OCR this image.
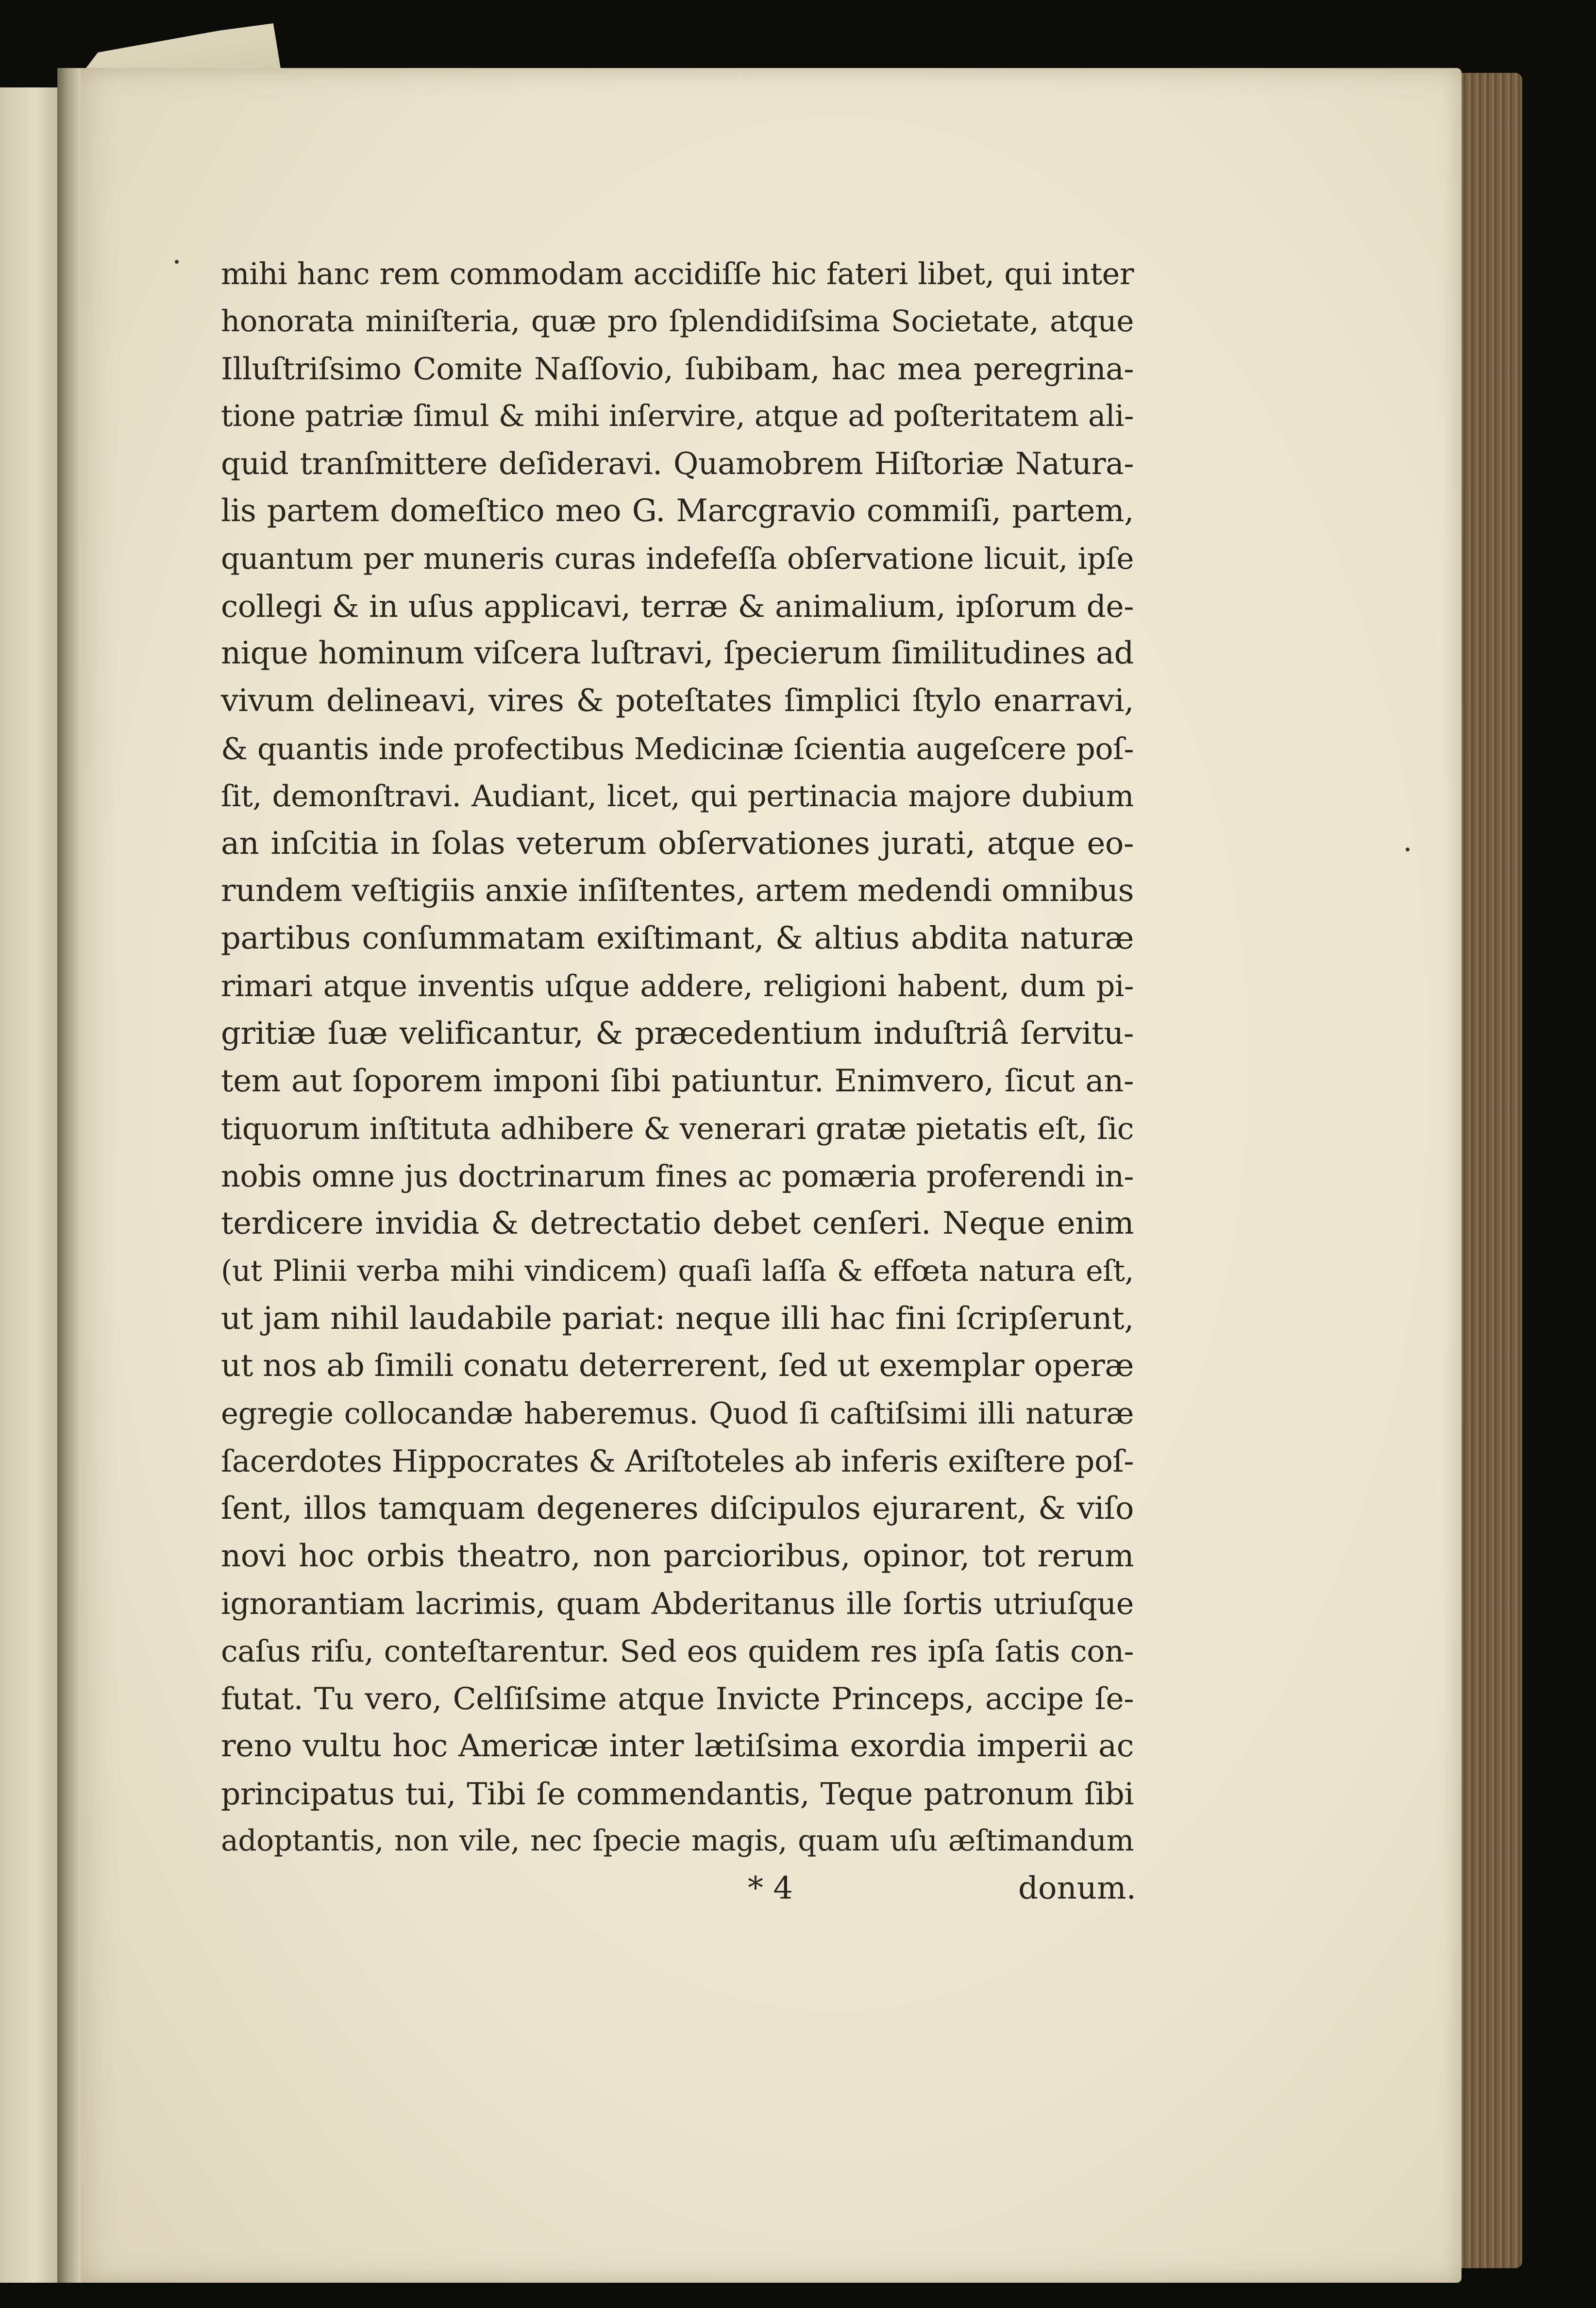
mihi hanc rem commodam accidiſſe hic fateri libet, qui inter
honorata miniſteria, quæ pro ſplendidiſsima Societate, atque
Illuſtriſsimo Comite Naſſovio, ſubibam, hac mea peregrina-
tione patriæ ſimul & mihi inſervire, atque ad poſteritatem ali-
quid tranſmittere deſideravi. Quamobrem Hiſtoriæ Natura-
lis partem domeſtico meo G. Marcgravio commiſi, partem,
quantum per muneris curas indefeſſa obſervatione licuit, ipſe
collegi & in uſus applicavi, terræ & animalium, ipſorum de-
nique hominum viſcera luſtravi, ſpecierum ſimilitudines ad
vivum delineavi, vires & poteſtates ſimplici ſtylo enarravi,
& quantis inde profectibus Medicinæ ſcientia augeſcere poſ-
ſit, demonſtravi. Audiant, licet, qui pertinacia majore dubium
an inſcitia in ſolas veterum obſervationes jurati, atque eo-
rundem veſtigiis anxie inſiſtentes, artem medendi omnibus
partibus conſummatam exiſtimant, & altius abdita naturæ
rimari atque inventis uſque addere, religioni habent, dum pi-
gritiæ ſuæ velificantur, & præcedentium induſtriâ ſervitu-
tem aut ſoporem imponi ſibi patiuntur. Enimvero, ſicut an-
tiquorum inſtituta adhibere & venerari gratæ pietatis eſt, ſic
nobis omne jus doctrinarum fines ac pomæria proferendi in-
terdicere invidia & detrectatio debet cenſeri. Neque enim
(ut Plinii verba mihi vindicem) quaſi laſſa & effœta natura eſt,
ut jam nihil laudabile pariat: neque illi hac fini ſcripſerunt,
ut nos ab ſimili conatu deterrerent, ſed ut exemplar operæ
egregie collocandæ haberemus. Quod ſi caſtiſsimi illi naturæ
ſacerdotes Hippocrates & Ariſtoteles ab inferis exiſtere poſ-
ſent, illos tamquam degeneres diſcipulos ejurarent, & viſo
novi hoc orbis theatro, non parcioribus, opinor, tot rerum
ignorantiam lacrimis, quam Abderitanus ille ſortis utriuſque
caſus riſu, conteſtarentur. Sed eos quidem res ipſa ſatis con-
futat. Tu vero, Celſiſsime atque Invicte Princeps, accipe ſe-
reno vultu hoc Americæ inter lætiſsima exordia imperii ac
principatus tui, Tibi ſe commendantis, Teque patronum ſibi
adoptantis, non vile, nec ſpecie magis, quam uſu æſtimandum
* 4	donum.
